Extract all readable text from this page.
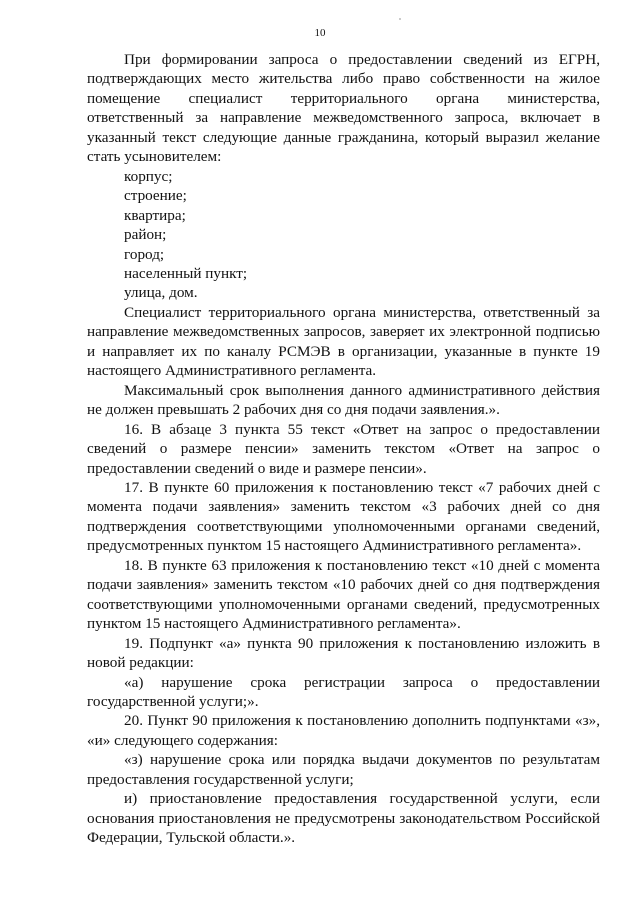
10

При формировании запроса о предоставлении сведений из ЕГРН, подтверждающих место жительства либо право собственности на жилое помещение специалист территориального органа министерства, ответственный за направление межведомственного запроса, включает в указанный текст следующие данные гражданина, который выразил желание стать усыновителем:

корпус;

строение;

квартира;

район;

город;

населенный пункт;

улица, дом.

Специалист территориального органа министерства, ответственный за направление межведомственных запросов, заверяет их электронной подписью и направляет их по каналу РСМЭВ в организации, указанные в пункте 19 настоящего Административного регламента.

Максимальный срок выполнения данного административного действия не должен превышать 2 рабочих дня со дня подачи заявления.».

16. В абзаце 3 пункта 55 текст «Ответ на запрос о предоставлении сведений о размере пенсии» заменить текстом «Ответ на запрос о предоставлении сведений о виде и размере пенсии».

17. В пункте 60 приложения к постановлению текст «7 рабочих дней с момента подачи заявления» заменить текстом «3 рабочих дней со дня подтверждения соответствующими уполномоченными органами сведений, предусмотренных пунктом 15 настоящего Административного регламента».

18. В пункте 63 приложения к постановлению текст «10 дней с момента подачи заявления» заменить текстом «10 рабочих дней со дня подтверждения соответствующими уполномоченными органами сведений, предусмотренных пунктом 15 настоящего Административного регламента».

19. Подпункт «а» пункта 90 приложения к постановлению изложить в новой редакции:

«а) нарушение срока регистрации запроса о предоставлении государственной услуги;».

20. Пункт 90 приложения к постановлению дополнить подпунктами «з», «и» следующего содержания:

«з) нарушение срока или порядка выдачи документов по результатам предоставления государственной услуги;

и) приостановление предоставления государственной услуги, если основания приостановления не предусмотрены законодательством Российской Федерации, Тульской области.».
